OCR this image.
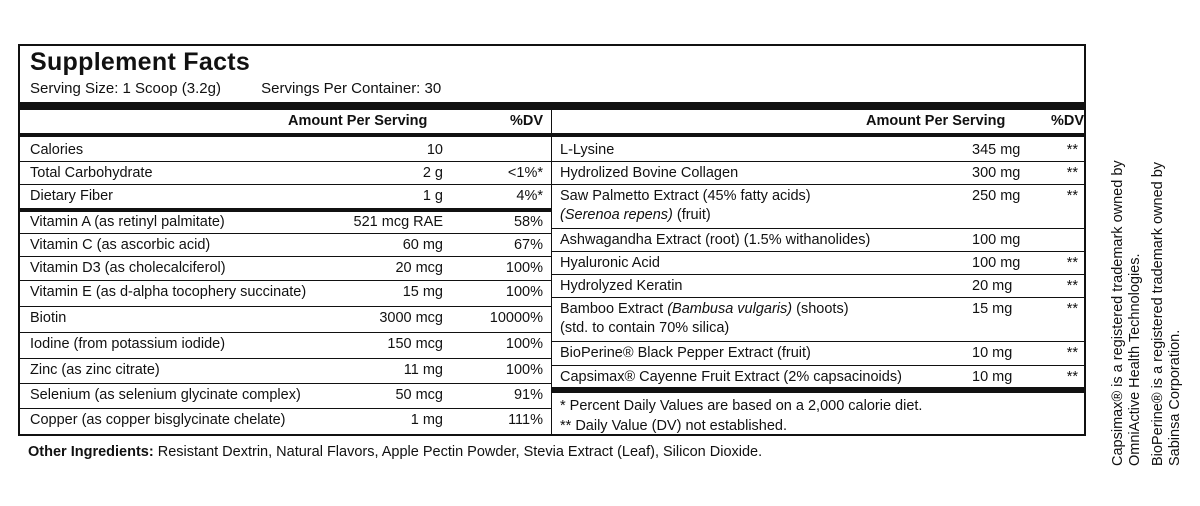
Supplement Facts
Serving Size: 1 Scoop (3.2g)	Servings Per Container: 30
Amount Per Serving	%DV	Amount Per Serving	%DV
Calories	10
Total Carbohydrate	2 g	<1%*
Dietary Fiber	1 g	4%*
Vitamin A (as retinyl palmitate)	521 mcg RAE	58%
Vitamin C (as ascorbic acid)	60 mg	67%
Vitamin D3 (as cholecalciferol)	20 mcg	100%
Vitamin E (as d-alpha tocophery succinate)	15 mg	100%
Biotin	3000 mcg	10000%
Iodine (from potassium iodide)	150 mcg	100%
Zinc (as zinc citrate)	11 mg	100%
Selenium (as selenium glycinate complex)	50 mcg	91%
Copper (as copper bisglycinate chelate)	1 mg	111%
L-Lysine	345 mg	**
Hydrolized Bovine Collagen	300 mg	**
Saw Palmetto Extract (45% fatty acids)
(Serenoa repens) (fruit)
250 mg	**
Ashwagandha Extract (root) (1.5% withanolides)	100 mg
Hyaluronic Acid	100 mg	**
Hydrolyzed Keratin	20 mg	**
Bamboo Extract (Bambusa vulgaris) (shoots)
(std. to contain 70% silica)
15 mg	**
BioPerine® Black Pepper Extract (fruit)	10 mg	**
Capsimax® Cayenne Fruit Extract (2% capsacinoids)	10 mg	**
* Percent Daily Values are based on a 2,000 calorie diet.
** Daily Value (DV) not established.
Other Ingredients: Resistant Dextrin, Natural Flavors, Apple Pectin Powder, Stevia Extract (Leaf), Silicon Dioxide.	Capsimax® is a registered trademark owned by OmniActive Health Technologies. BioPerine® is a registered trademark owned by Sabinsa Corporation.
